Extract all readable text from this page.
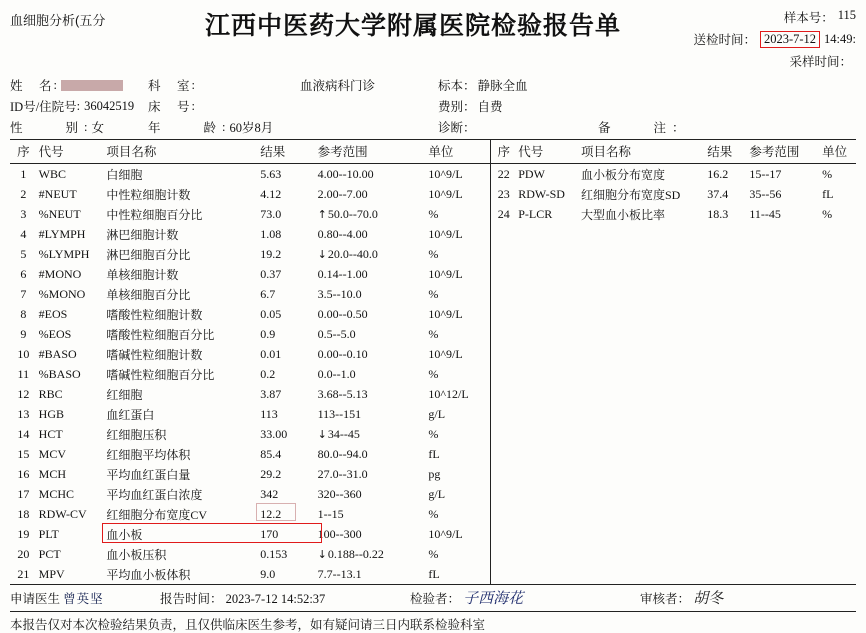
血细胞分析(五分	江西中医药大学附属医院检验报告单	样本号： 115
送检时间： 2023-7-12 14:49:
采样时间：
姓　名 :	科　室 :	血液病科门诊	标本： 静脉全血
ID号/住院号 : 36042519 床　号 :	费别： 自费
性　　别 : 女	年　　龄 : 60岁8月	诊断：	备　　注：
序	代号	项目名称	结果	参考范围	单位
1	WBC	白细胞	5.63	4.00--10.00	10^9/L
2	#NEUT	中性粒细胞计数	4.12	2.00--7.00	10^9/L
3	%NEUT	中性粒细胞百分比	73.0	↑ 50.0--70.0	%
4	#LYMPH	淋巴细胞计数	1.08	0.80--4.00	10^9/L
5	%LYMPH	淋巴细胞百分比	19.2	↓ 20.0--40.0	%
6	#MONO	单核细胞计数	0.37	0.14--1.00	10^9/L
7	%MONO	单核细胞百分比	6.7	3.5--10.0	%
8	#EOS	嗜酸性粒细胞计数	0.05	0.00--0.50	10^9/L
9	%EOS	嗜酸性粒细胞百分比	0.9	0.5--5.0	%
10	#BASO	嗜碱性粒细胞计数	0.01	0.00--0.10	10^9/L
11	%BASO	嗜碱性粒细胞百分比	0.2	0.0--1.0	%
12	RBC	红细胞	3.87	3.68--5.13	10^12/L
13	HGB	血红蛋白	113	113--151	g/L
14	HCT	红细胞压积	33.00	↓ 34--45	%
15	MCV	红细胞平均体积	85.4	80.0--94.0	fL
16	MCH	平均血红蛋白量	29.2	27.0--31.0	pg
17	MCHC	平均血红蛋白浓度	342	320--360	g/L
18	RDW-CV	红细胞分布宽度CV	12.2	1--15	%
19	PLT	血小板	170	100--300	10^9/L
20	PCT	血小板压积	0.153	↓ 0.188--0.22	%
21	MPV	平均血小板体积	9.0	7.7--13.1	fL
序	代号	项目名称	结果	参考范围	单位
22	PDW	血小板分布宽度	16.2	15--17	%
23	RDW-SD	红细胞分布宽度SD	37.4	35--56	fL
24	P-LCR	大型血小板比率	18.3	11--45	%
申请医生 曾英坚	报告时间： 2023-7-12 14:52:37	检验者： 子西海花	审核者： 胡冬
本报告仅对本次检验结果负责，且仅供临床医生参考，如有疑问请三日内联系检验科室
